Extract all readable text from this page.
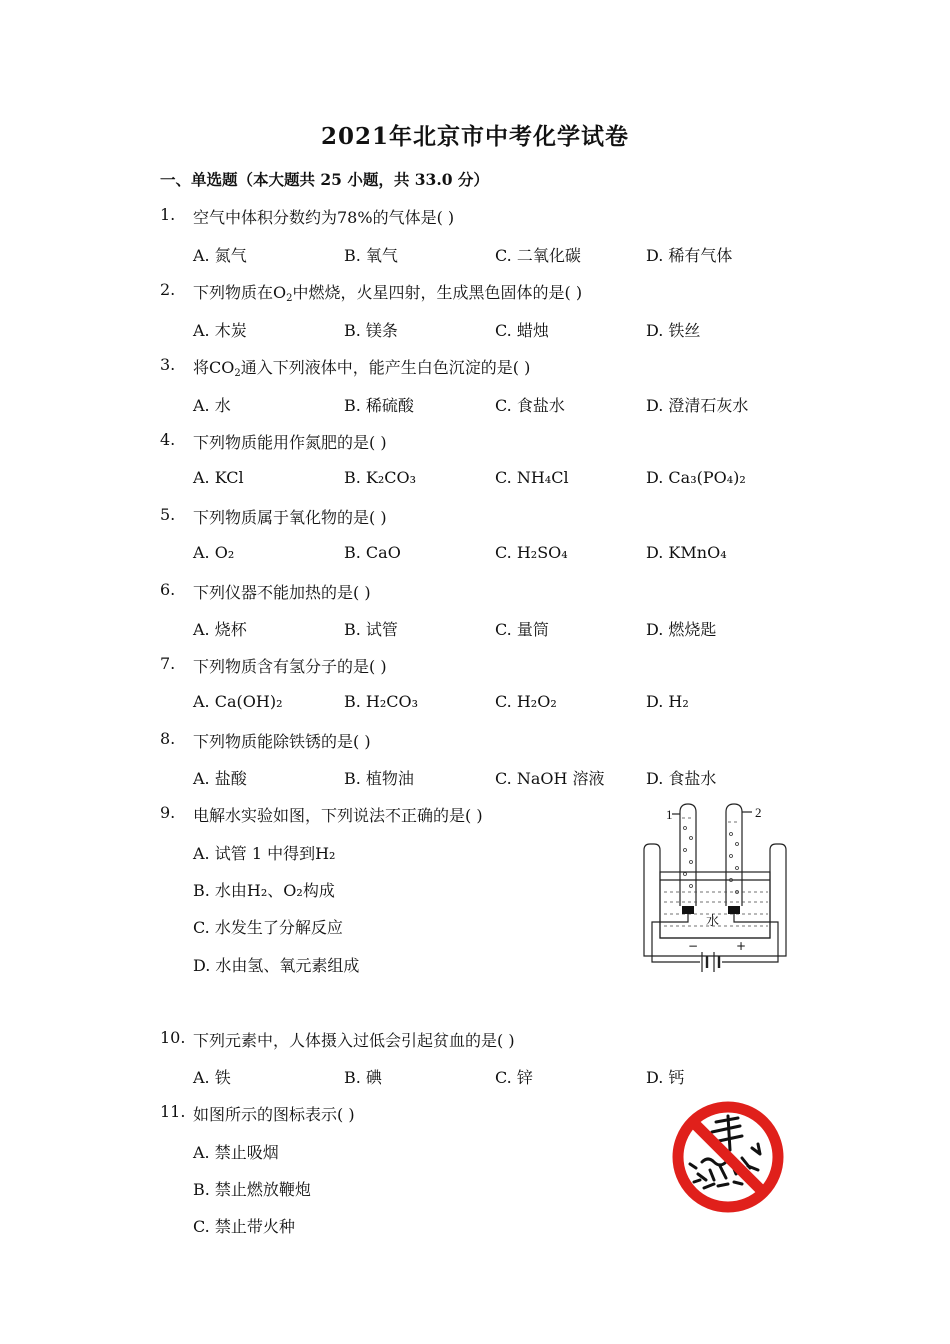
2021年北京市中考化学试卷
一、单选题（本大题共 25 小题，共 33.0 分）
1. 空气中体积分数约为78%的气体是( )
A. 氮气	B. 氧气	C. 二氧化碳	D. 稀有气体
2. 下列物质在$O_2$中燃烧，火星四射，生成黑色固体的是( )
A. 木炭	B. 镁条	C. 蜡烛	D. 铁丝
3. 将$CO_2$通入下列液体中，能产生白色沉淀的是( )
A. 水	B. 稀硫酸	C. 食盐水	D. 澄清石灰水
4. 下列物质能用作氮肥的是( )
A. KCl	B. K₂CO₃	C. NH₄Cl	D. Ca₃(PO₄)₂
5. 下列物质属于氧化物的是( )
A. O₂	B. CaO	C. H₂SO₄	D. KMnO₄
6. 下列仪器不能加热的是( )
A. 烧杯	B. 试管	C. 量筒	D. 燃烧匙
7. 下列物质含有氢分子的是( )
A. Ca(OH)₂	B. H₂CO₃	C. H₂O₂	D. H₂
8. 下列物质能除铁锈的是( )
A. 盐酸	B. 植物油	C. NaOH 溶液	D. 食盐水
9. 电解水实验如图，下列说法不正确的是( )
A. 试管 1 中得到H₂
B. 水由H₂、O₂构成
C. 水发生了分解反应
D. 水由氢、氧元素组成
1	2
水
−	+
10. 下列元素中，人体摄入过低会引起贫血的是( )
A. 铁	B. 碘	C. 锌	D. 钙
11. 如图所示的图标表示( )
A. 禁止吸烟
B. 禁止燃放鞭炮
C. 禁止带火种
